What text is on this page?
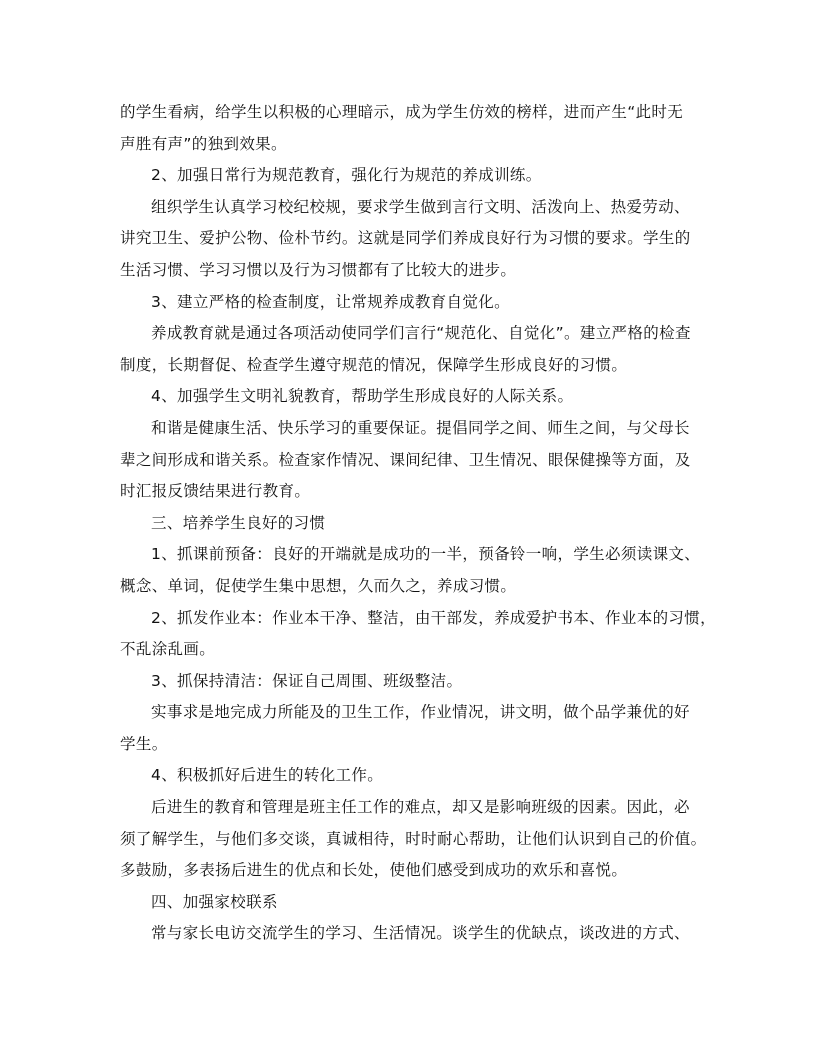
的学生看病，给学生以积极的心理暗示，成为学生仿效的榜样，进而产生“此时无
声胜有声”的独到效果。
2、加强日常行为规范教育，强化行为规范的养成训练。
组织学生认真学习校纪校规，要求学生做到言行文明、活泼向上、热爱劳动、
讲究卫生、爱护公物、俭朴节约。这就是同学们养成良好行为习惯的要求。学生的
生活习惯、学习习惯以及行为习惯都有了比较大的进步。
3、建立严格的检查制度，让常规养成教育自觉化。
养成教育就是通过各项活动使同学们言行“规范化、自觉化”。建立严格的检查
制度，长期督促、检查学生遵守规范的情况，保障学生形成良好的习惯。
4、加强学生文明礼貌教育，帮助学生形成良好的人际关系。
和谐是健康生活、快乐学习的重要保证。提倡同学之间、师生之间，与父母长
辈之间形成和谐关系。检查家作情况、课间纪律、卫生情况、眼保健操等方面，及
时汇报反馈结果进行教育。
三、培养学生良好的习惯
1、抓课前预备：良好的开端就是成功的一半，预备铃一响，学生必须读课文、
概念、单词，促使学生集中思想，久而久之，养成习惯。
2、抓发作业本：作业本干净、整洁，由干部发，养成爱护书本、作业本的习惯，
不乱涂乱画。
3、抓保持清洁：保证自己周围、班级整洁。
实事求是地完成力所能及的卫生工作，作业情况，讲文明，做个品学兼优的好
学生。
4、积极抓好后进生的转化工作。
后进生的教育和管理是班主任工作的难点，却又是影响班级的因素。因此，必
须了解学生，与他们多交谈，真诚相待，时时耐心帮助，让他们认识到自己的价值。
多鼓励，多表扬后进生的优点和长处，使他们感受到成功的欢乐和喜悦。
四、加强家校联系
常与家长电访交流学生的学习、生活情况。谈学生的优缺点，谈改进的方式、
